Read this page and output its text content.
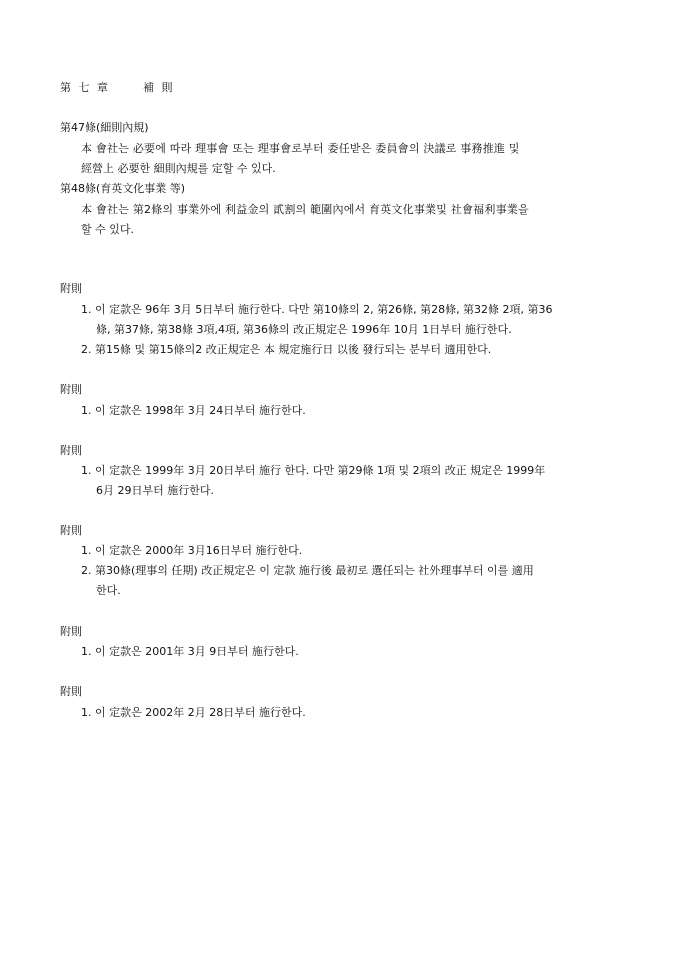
第 七 章	補 則
第47條(細則內規)
本 會社는 必要에 따라 理事會 또는 理事會로부터 委任받은 委員會의 決議로 事務推進 및
經營上 必要한 細則內規를 定할 수 있다.
第48條(育英文化事業 等)
本 會社는 第2條의 事業外에 利益金의 貳割의 範圍內에서 育英文化事業및 社會福利事業을
할 수 있다.
附則
1. 이 定款은 96年 3月 5日부터 施行한다. 다만 第10條의 2, 第26條, 第28條, 第32條 2項, 第36
條, 第37條, 第38條 3項,4項, 第36條의 改正規定은 1996年 10月 1日부터 施行한다.
2. 第15條 및 第15條의2 改正規定은 本 規定施行日 以後 發行되는 분부터 適用한다.
附則
1. 이 定款은 1998年 3月 24日부터 施行한다.
附則
1. 이 定款은 1999年 3月 20日부터 施行 한다. 다만 第29條 1項 및 2項의 改正 規定은 1999年
6月 29日부터 施行한다.
附則
1. 이 定款은 2000年 3月16日부터 施行한다.
2. 第30條(理事의 任期) 改正規定은 이 定款 施行後 最初로 選任되는 社外理事부터 이를 適用
한다.
附則
1. 이 定款은 2001年 3月 9日부터 施行한다.
附則
1. 이 定款은 2002年 2月 28日부터 施行한다.
